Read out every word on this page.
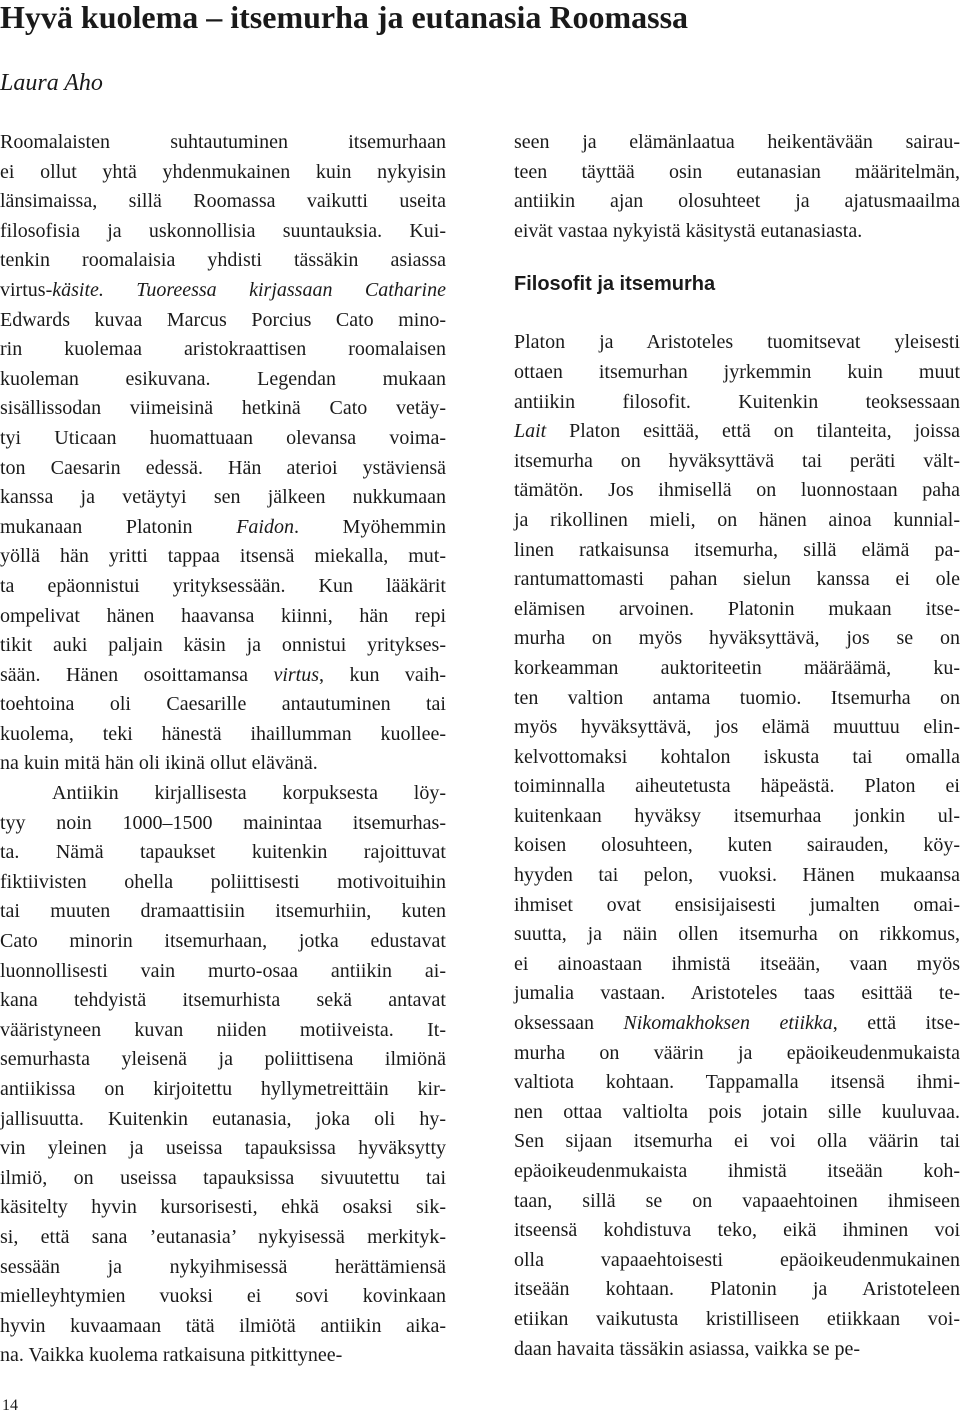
Hyvä kuolema – itsemurha ja eutanasia Roomassa
Laura Aho
Roomalaisten suhtautuminen itsemurhaan
ei ollut yhtä yhdenmukainen kuin nykyisin
länsimaissa, sillä Roomassa vaikutti useita
filosofisia ja uskonnollisia suuntauksia. Kui-
tenkin roomalaisia yhdisti tässäkin asiassa
virtus-käsite. Tuoreessa kirjassaan Catharine
Edwards kuvaa Marcus Porcius Cato mino-
rin kuolemaa aristokraattisen roomalaisen
kuoleman esikuvana. Legendan mukaan
sisällissodan viimeisinä hetkinä Cato vetäy-
tyi Uticaan huomattuaan olevansa voima-
ton Caesarin edessä. Hän aterioi ystäviensä
kanssa ja vetäytyi sen jälkeen nukkumaan
mukanaan Platonin Faidon. Myöhemmin
yöllä hän yritti tappaa itsensä miekalla, mut-
ta epäonnistui yrityksessään. Kun lääkärit
ompelivat hänen haavansa kiinni, hän repi
tikit auki paljain käsin ja onnistui yritykses-
sään. Hänen osoittamansa virtus, kun vaih-
toehtoina oli Caesarille antautuminen tai
kuolema, teki hänestä ihaillumman kuollee-
na kuin mitä hän oli ikinä ollut elävänä.
Antiikin kirjallisesta korpuksesta löy-
tyy noin 1000–1500 mainintaa itsemurhas-
ta. Nämä tapaukset kuitenkin rajoittuvat
fiktiivisten ohella poliittisesti motivoituihin
tai muuten dramaattisiin itsemurhiin, kuten
Cato minorin itsemurhaan, jotka edustavat
luonnollisesti vain murto-osaa antiikin ai-
kana tehdyistä itsemurhista sekä antavat
vääristyneen kuvan niiden motiiveista. It-
semurhasta yleisenä ja poliittisena ilmiönä
antiikissa on kirjoitettu hyllymetreittäin kir-
jallisuutta. Kuitenkin eutanasia, joka oli hy-
vin yleinen ja useissa tapauksissa hyväksytty
ilmiö, on useissa tapauksissa sivuutettu tai
käsitelty hyvin kursorisesti, ehkä osaksi sik-
si, että sana ’eutanasia’ nykyisessä merkityk-
sessään ja nykyihmisessä herättämiensä
mielleyhtymien vuoksi ei sovi kovinkaan
hyvin kuvaamaan tätä ilmiötä antiikin aika-
na. Vaikka kuolema ratkaisuna pitkittynee-
seen ja elämänlaatua heikentävään sairau-
teen täyttää osin eutanasian määritelmän,
antiikin ajan olosuhteet ja ajatusmaailma
eivät vastaa nykyistä käsitystä eutanasiasta.
Filosofit ja itsemurha
Platon ja Aristoteles tuomitsevat yleisesti
ottaen itsemurhan jyrkemmin kuin muut
antiikin filosofit. Kuitenkin teoksessaan
Lait Platon esittää, että on tilanteita, joissa
itsemurha on hyväksyttävä tai peräti vält-
tämätön. Jos ihmisellä on luonnostaan paha
ja rikollinen mieli, on hänen ainoa kunnial-
linen ratkaisunsa itsemurha, sillä elämä pa-
rantumattomasti pahan sielun kanssa ei ole
elämisen arvoinen. Platonin mukaan itse-
murha on myös hyväksyttävä, jos se on
korkeamman auktoriteetin määräämä, ku-
ten valtion antama tuomio. Itsemurha on
myös hyväksyttävä, jos elämä muuttuu elin-
kelvottomaksi kohtalon iskusta tai omalla
toiminnalla aiheutetusta häpeästä. Platon ei
kuitenkaan hyväksy itsemurhaa jonkin ul-
koisen olosuhteen, kuten sairauden, köy-
hyyden tai pelon, vuoksi. Hänen mukaansa
ihmiset ovat ensisijaisesti jumalten omai-
suutta, ja näin ollen itsemurha on rikkomus,
ei ainoastaan ihmistä itseään, vaan myös
jumalia vastaan. Aristoteles taas esittää te-
oksessaan Nikomakhoksen etiikka, että itse-
murha on väärin ja epäoikeudenmukaista
valtiota kohtaan. Tappamalla itsensä ihmi-
nen ottaa valtiolta pois jotain sille kuuluvaa.
Sen sijaan itsemurha ei voi olla väärin tai
epäoikeudenmukaista ihmistä itseään koh-
taan, sillä se on vapaaehtoinen ihmiseen
itseensä kohdistuva teko, eikä ihminen voi
olla vapaaehtoisesti epäoikeudenmukainen
itseään kohtaan. Platonin ja Aristoteleen
etiikan vaikutusta kristilliseen etiikkaan voi-
daan havaita tässäkin asiassa, vaikka se pe-
14
